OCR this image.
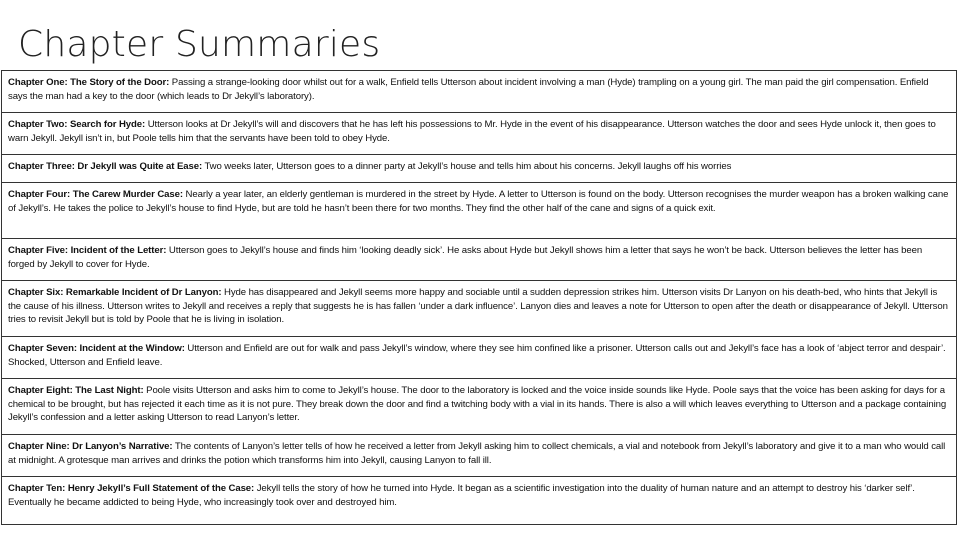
Chapter Summaries
Chapter One: The Story of the Door: Passing a strange-looking door whilst out for a walk, Enfield tells Utterson about incident involving a man (Hyde) trampling on a young girl. The man paid the girl compensation. Enfield says the man had a key to the door (which leads to Dr Jekyll’s laboratory).
Chapter Two: Search for Hyde: Utterson looks at Dr Jekyll’s will and discovers that he has left his possessions to Mr. Hyde in the event of his disappearance. Utterson watches the door and sees Hyde unlock it, then goes to warn Jekyll. Jekyll isn’t in, but Poole tells him that the servants have been told to obey Hyde.
Chapter Three: Dr Jekyll was Quite at Ease: Two weeks later, Utterson goes to a dinner party at Jekyll’s house and tells him about his concerns. Jekyll laughs off his worries
Chapter Four: The Carew Murder Case: Nearly a year later, an elderly gentleman is murdered in the street by Hyde. A letter to Utterson is found on the body. Utterson recognises the murder weapon has a broken walking cane of Jekyll’s. He takes the police to Jekyll’s house to find Hyde, but are told he hasn’t been there for two months. They find the other half of the cane and signs of a quick exit.
Chapter Five: Incident of the Letter: Utterson goes to Jekyll’s house and finds him ‘looking deadly sick’. He asks about Hyde but Jekyll shows him a letter that says he won’t be back. Utterson believes the letter has been forged by Jekyll to cover for Hyde.
Chapter Six: Remarkable Incident of Dr Lanyon: Hyde has disappeared and Jekyll seems more happy and sociable until a sudden depression strikes him. Utterson visits Dr Lanyon on his death-bed, who hints that Jekyll is the cause of his illness. Utterson writes to Jekyll and receives a reply that suggests he is has fallen ‘under a dark influence’. Lanyon dies and leaves a note for Utterson to open after the death or disappearance of Jekyll. Utterson tries to revisit Jekyll but is told by Poole that he is living in isolation.
Chapter Seven: Incident at the Window: Utterson and Enfield are out for walk and pass Jekyll’s window, where they see him confined like a prisoner. Utterson calls out and Jekyll’s face has a look of ‘abject terror and despair’. Shocked, Utterson and Enfield leave.
Chapter Eight: The Last Night: Poole visits Utterson and asks him to come to Jekyll’s house. The door to the laboratory is locked and the voice inside sounds like Hyde. Poole says that the voice has been asking for days for a chemical to be brought, but has rejected it each time as it is not pure. They break down the door and find a twitching body with a vial in its hands. There is also a will which leaves everything to Utterson and a package containing Jekyll’s confession and a letter asking Utterson to read Lanyon’s letter.
Chapter Nine: Dr Lanyon’s Narrative: The contents of Lanyon’s letter tells of how he received a letter from Jekyll asking him to collect chemicals, a vial and notebook from Jekyll’s laboratory and give it to a man who would call at midnight. A grotesque man arrives and drinks the potion which transforms him into Jekyll, causing Lanyon to fall ill.
Chapter Ten: Henry Jekyll’s Full Statement of the Case: Jekyll tells the story of how he turned into Hyde. It began as a scientific investigation into the duality of human nature and an attempt to destroy his ‘darker self’. Eventually he became addicted to being Hyde, who increasingly took over and destroyed him.
